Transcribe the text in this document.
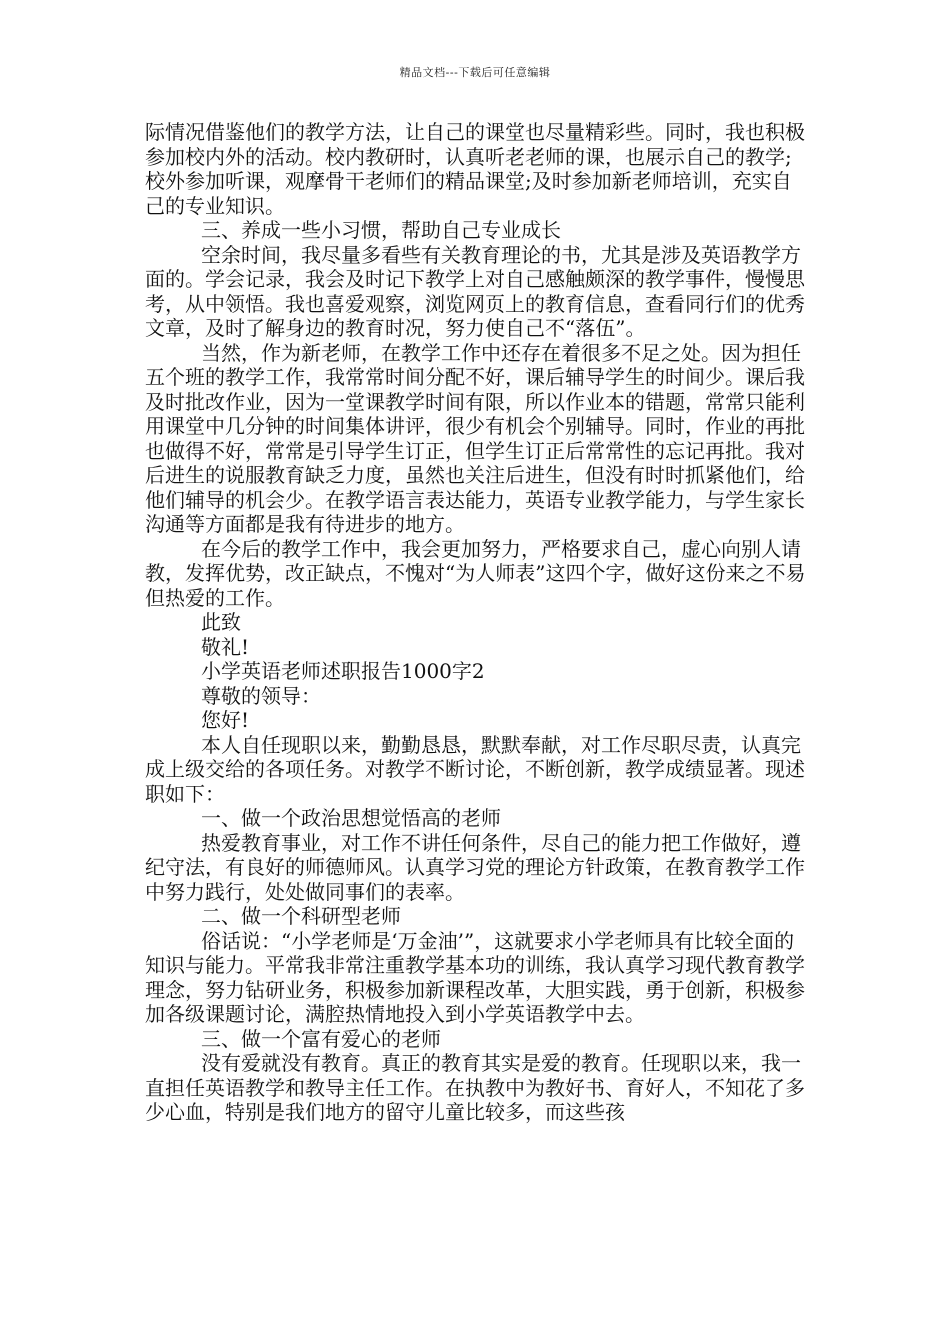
精品文档---下载后可任意编辑

际情况借鉴他们的教学方法，让自己的课堂也尽量精彩些。同时，我也积极参加校内外的活动。校内教研时，认真听老老师的课，也展示自己的教学;校外参加听课，观摩骨干老师们的精品课堂;及时参加新老师培训，充实自己的专业知识。

三、养成一些小习惯，帮助自己专业成长

空余时间，我尽量多看些有关教育理论的书，尤其是涉及英语教学方面的。学会记录，我会及时记下教学上对自己感触颇深的教学事件，慢慢思考，从中领悟。我也喜爱观察，浏览网页上的教育信息，查看同行们的优秀文章，及时了解身边的教育时况，努力使自己不“落伍”。

当然，作为新老师，在教学工作中还存在着很多不足之处。因为担任五个班的教学工作，我常常时间分配不好，课后辅导学生的时间少。课后我及时批改作业，因为一堂课教学时间有限，所以作业本的错题，常常只能利用课堂中几分钟的时间集体讲评，很少有机会个别辅导。同时，作业的再批也做得不好，常常是引导学生订正，但学生订正后常常性的忘记再批。我对后进生的说服教育缺乏力度，虽然也关注后进生，但没有时时抓紧他们，给他们辅导的机会少。在教学语言表达能力，英语专业教学能力，与学生家长沟通等方面都是我有待进步的地方。

在今后的教学工作中，我会更加努力，严格要求自己，虚心向别人请教，发挥优势，改正缺点，不愧对“为人师表”这四个字，做好这份来之不易但热爱的工作。

此致

敬礼!

小学英语老师述职报告1000字2

尊敬的领导：

您好!

本人自任现职以来，勤勤恳恳，默默奉献，对工作尽职尽责，认真完成上级交给的各项任务。对教学不断讨论，不断创新，教学成绩显著。现述职如下：

一、做一个政治思想觉悟高的老师

热爱教育事业，对工作不讲任何条件，尽自己的能力把工作做好，遵纪守法，有良好的师德师风。认真学习党的理论方针政策，在教育教学工作中努力践行，处处做同事们的表率。

二、做一个科研型老师

俗话说：“小学老师是‘万金油’”，这就要求小学老师具有比较全面的知识与能力。平常我非常注重教学基本功的训练，我认真学习现代教育教学理念，努力钻研业务，积极参加新课程改革，大胆实践，勇于创新，积极参加各级课题讨论，满腔热情地投入到小学英语教学中去。

三、做一个富有爱心的老师

没有爱就没有教育。真正的教育其实是爱的教育。任现职以来，我一直担任英语教学和教导主任工作。在执教中为教好书、育好人，不知花了多少心血，特别是我们地方的留守儿童比较多，而这些孩
